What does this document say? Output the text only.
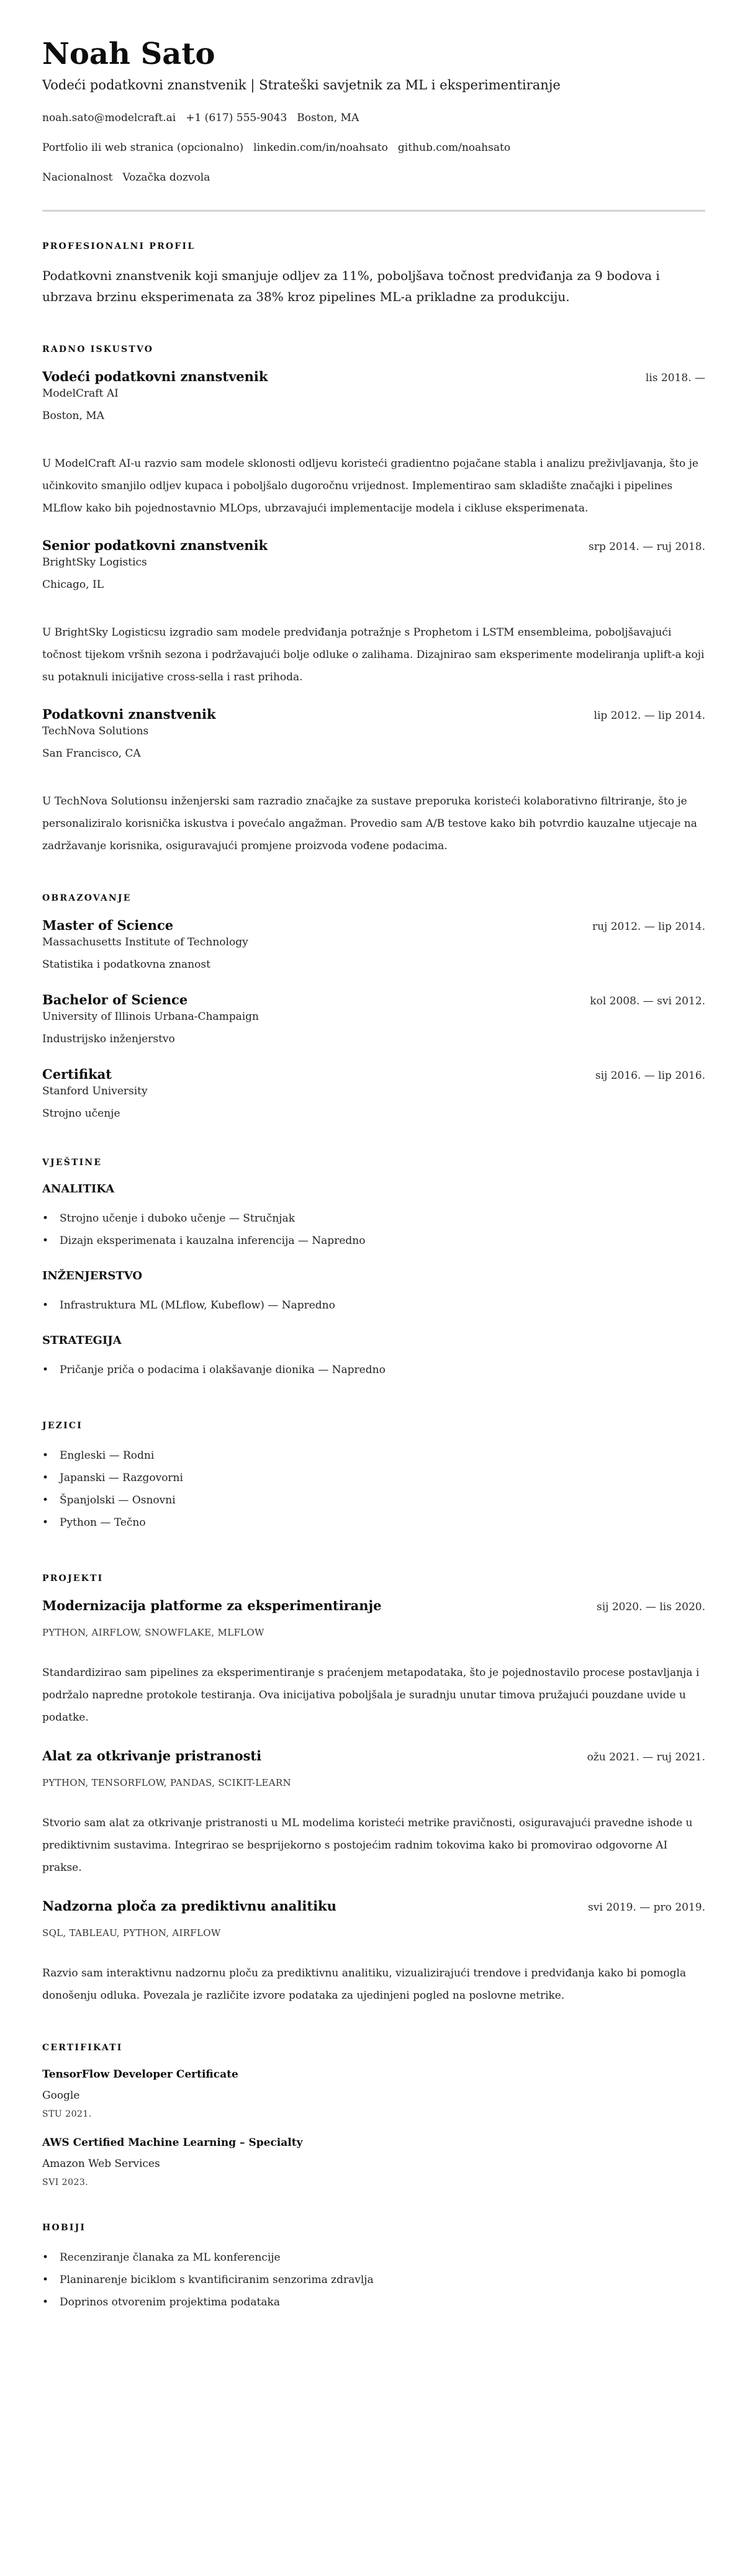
Noah Sato
Vodeći podatkovni znanstvenik | Strateški savjetnik za ML i eksperimentiranje
noah.sato@modelcraft.ai +1 (617) 555-9043 Boston, MA
Portfolio ili web stranica (opcionalno) linkedin.com/in/noahsato github.com/noahsato
Nacionalnost Vozačka dozvola
PROFESIONALNI PROFIL

Podatkovni znanstvenik koji smanjuje odljev za 11%, poboljšava točnost predviđanja za 9 bodova i ubrzava brzinu eksperimenata za 38% kroz pipelines ML-a prikladne za produkciju.

RADNO ISKUSTVO
Vodeći podatkovni znanstvenik	lis 2018. —
ModelCraft AI
Boston, MA
U ModelCraft AI-u razvio sam modele sklonosti odljevu koristeći gradientno pojačane stabla i analizu preživljavanja, što je učinkovito smanjilo odljev kupaca i poboljšalo dugoročnu vrijednost. Implementirao sam skladište značajki i pipelines MLflow kako bih pojednostavnio MLOps, ubrzavajući implementacije modela i cikluse eksperimenata.
Senior podatkovni znanstvenik	srp 2014. — ruj 2018.
BrightSky Logistics
Chicago, IL
U BrightSky Logisticsu izgradio sam modele predviđanja potražnje s Prophetom i LSTM ensembleima, poboljšavajući točnost tijekom vršnih sezona i podržavajući bolje odluke o zalihama. Dizajnirao sam eksperimente modeliranja uplift-a koji su potaknuli inicijative cross-sella i rast prihoda.
Podatkovni znanstvenik	lip 2012. — lip 2014.
TechNova Solutions
San Francisco, CA
U TechNova Solutionsu inženjerski sam razradio značajke za sustave preporuka koristeći kolaborativno filtriranje, što je personaliziralo korisnička iskustva i povećalo angažman. Provedio sam A/B testove kako bih potvrdio kauzalne utjecaje na zadržavanje korisnika, osiguravajući promjene proizvoda vođene podacima.
OBRAZOVANJE
Master of Science	ruj 2012. — lip 2014.
Massachusetts Institute of Technology
Statistika i podatkovna znanost
Bachelor of Science	kol 2008. — svi 2012.
University of Illinois Urbana-Champaign
Industrijsko inženjerstvo
Certifikat	sij 2016. — lip 2016.
Stanford University
Strojno učenje
VJEŠTINE
ANALITIKA
• Strojno učenje i duboko učenje — Stručnjak
• Dizajn eksperimenata i kauzalna inferencija — Napredno
INŽENJERSTVO
• Infrastruktura ML (MLflow, Kubeflow) — Napredno
STRATEGIJA
• Pričanje priča o podacima i olakšavanje dionika — Napredno
JEZICI
• Engleski — Rodni
• Japanski — Razgovorni
• Španjolski — Osnovni
• Python — Tečno
PROJEKTI
Modernizacija platforme za eksperimentiranje	sij 2020. — lis 2020.
PYTHON, AIRFLOW, SNOWFLAKE, MLFLOW
Standardizirao sam pipelines za eksperimentiranje s praćenjem metapodataka, što je pojednostavilo procese postavljanja i podržalo napredne protokole testiranja. Ova inicijativa poboljšala je suradnju unutar timova pružajući pouzdane uvide u podatke.
Alat za otkrivanje pristranosti	ožu 2021. — ruj 2021.
PYTHON, TENSORFLOW, PANDAS, SCIKIT-LEARN
Stvorio sam alat za otkrivanje pristranosti u ML modelima koristeći metrike pravičnosti, osiguravajući pravedne ishode u prediktivnim sustavima. Integrirao se besprijekorno s postojećim radnim tokovima kako bi promovirao odgovorne AI prakse.
Nadzorna ploča za prediktivnu analitiku	svi 2019. — pro 2019.
SQL, TABLEAU, PYTHON, AIRFLOW
Razvio sam interaktivnu nadzornu ploču za prediktivnu analitiku, vizualizirajući trendove i predviđanja kako bi pomogla donošenju odluka. Povezala je različite izvore podataka za ujedinjeni pogled na poslovne metrike.
CERTIFIKATI
TensorFlow Developer Certificate
Google
STU 2021.
AWS Certified Machine Learning – Specialty
Amazon Web Services
SVI 2023.
HOBIJI
• Recenziranje članaka za ML konferencije
• Planinarenje biciklom s kvantificiranim senzorima zdravlja
• Doprinos otvorenim projektima podataka
